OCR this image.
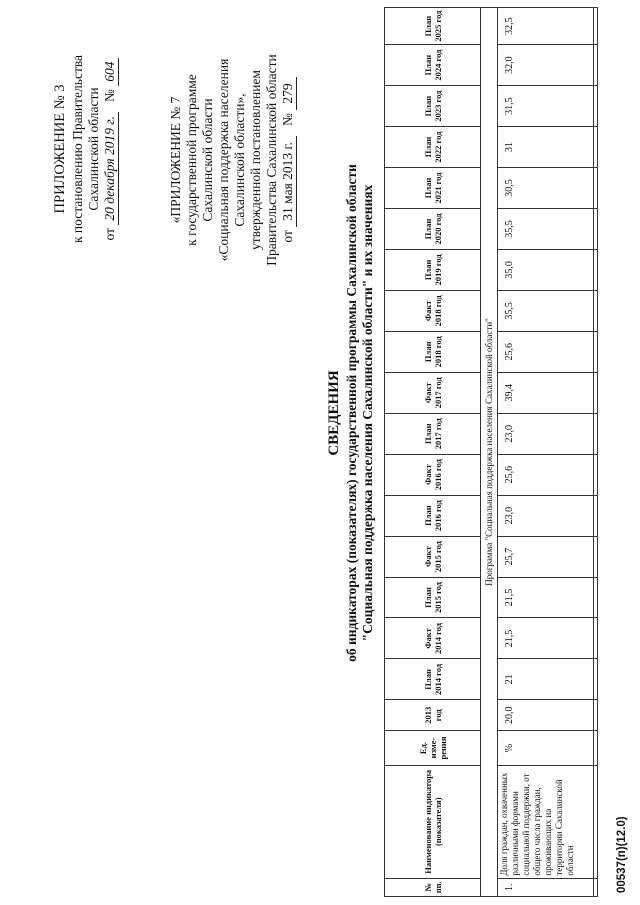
ПРИЛОЖЕНИЕ № 3 к постановлению Правительства Сахалинской области
от 20 декабря 2019 г.   № 604
«ПРИЛОЖЕНИЕ № 7 к государственной программе Сахалинской области «Социальная поддержка населения Сахалинской области», утвержденной постановлением Правительства Сахалинской области от 31 мая 2013 г.   № 279
СВЕДЕНИЯ об индикаторах (показателях) государственной программы Сахалинской области "Социальная поддержка населения Сахалинской области" и их значениях
№ пп.	Наименование индикатора (показателя)	Ед. изме-рения	2013 год	План 2014 год	Факт 2014 год	План 2015 год	Факт 2015 год	План 2016 год	Факт 2016 год	План 2017 год	Факт 2017 год	План 2018 год	Факт 2018 год	План 2019 год	План 2020 год	План 2021 год	План 2022 год	План 2023 год	План 2024 год	План 2025 год
Программа "Социальная поддержка населения Сахалинской области"																				
1.	Доля граждан, охваченных различными формами социальной поддержки, от общего числа граждан, проживающих на территории Сахалинской области	%	20,0	21	21,5	21,5	25,7	23,0	25,6	23,0	39,4	25,6	35,5	35,0	35,5	30,5	31	31,5	32,0	32,5

00537(п)(12.0)
